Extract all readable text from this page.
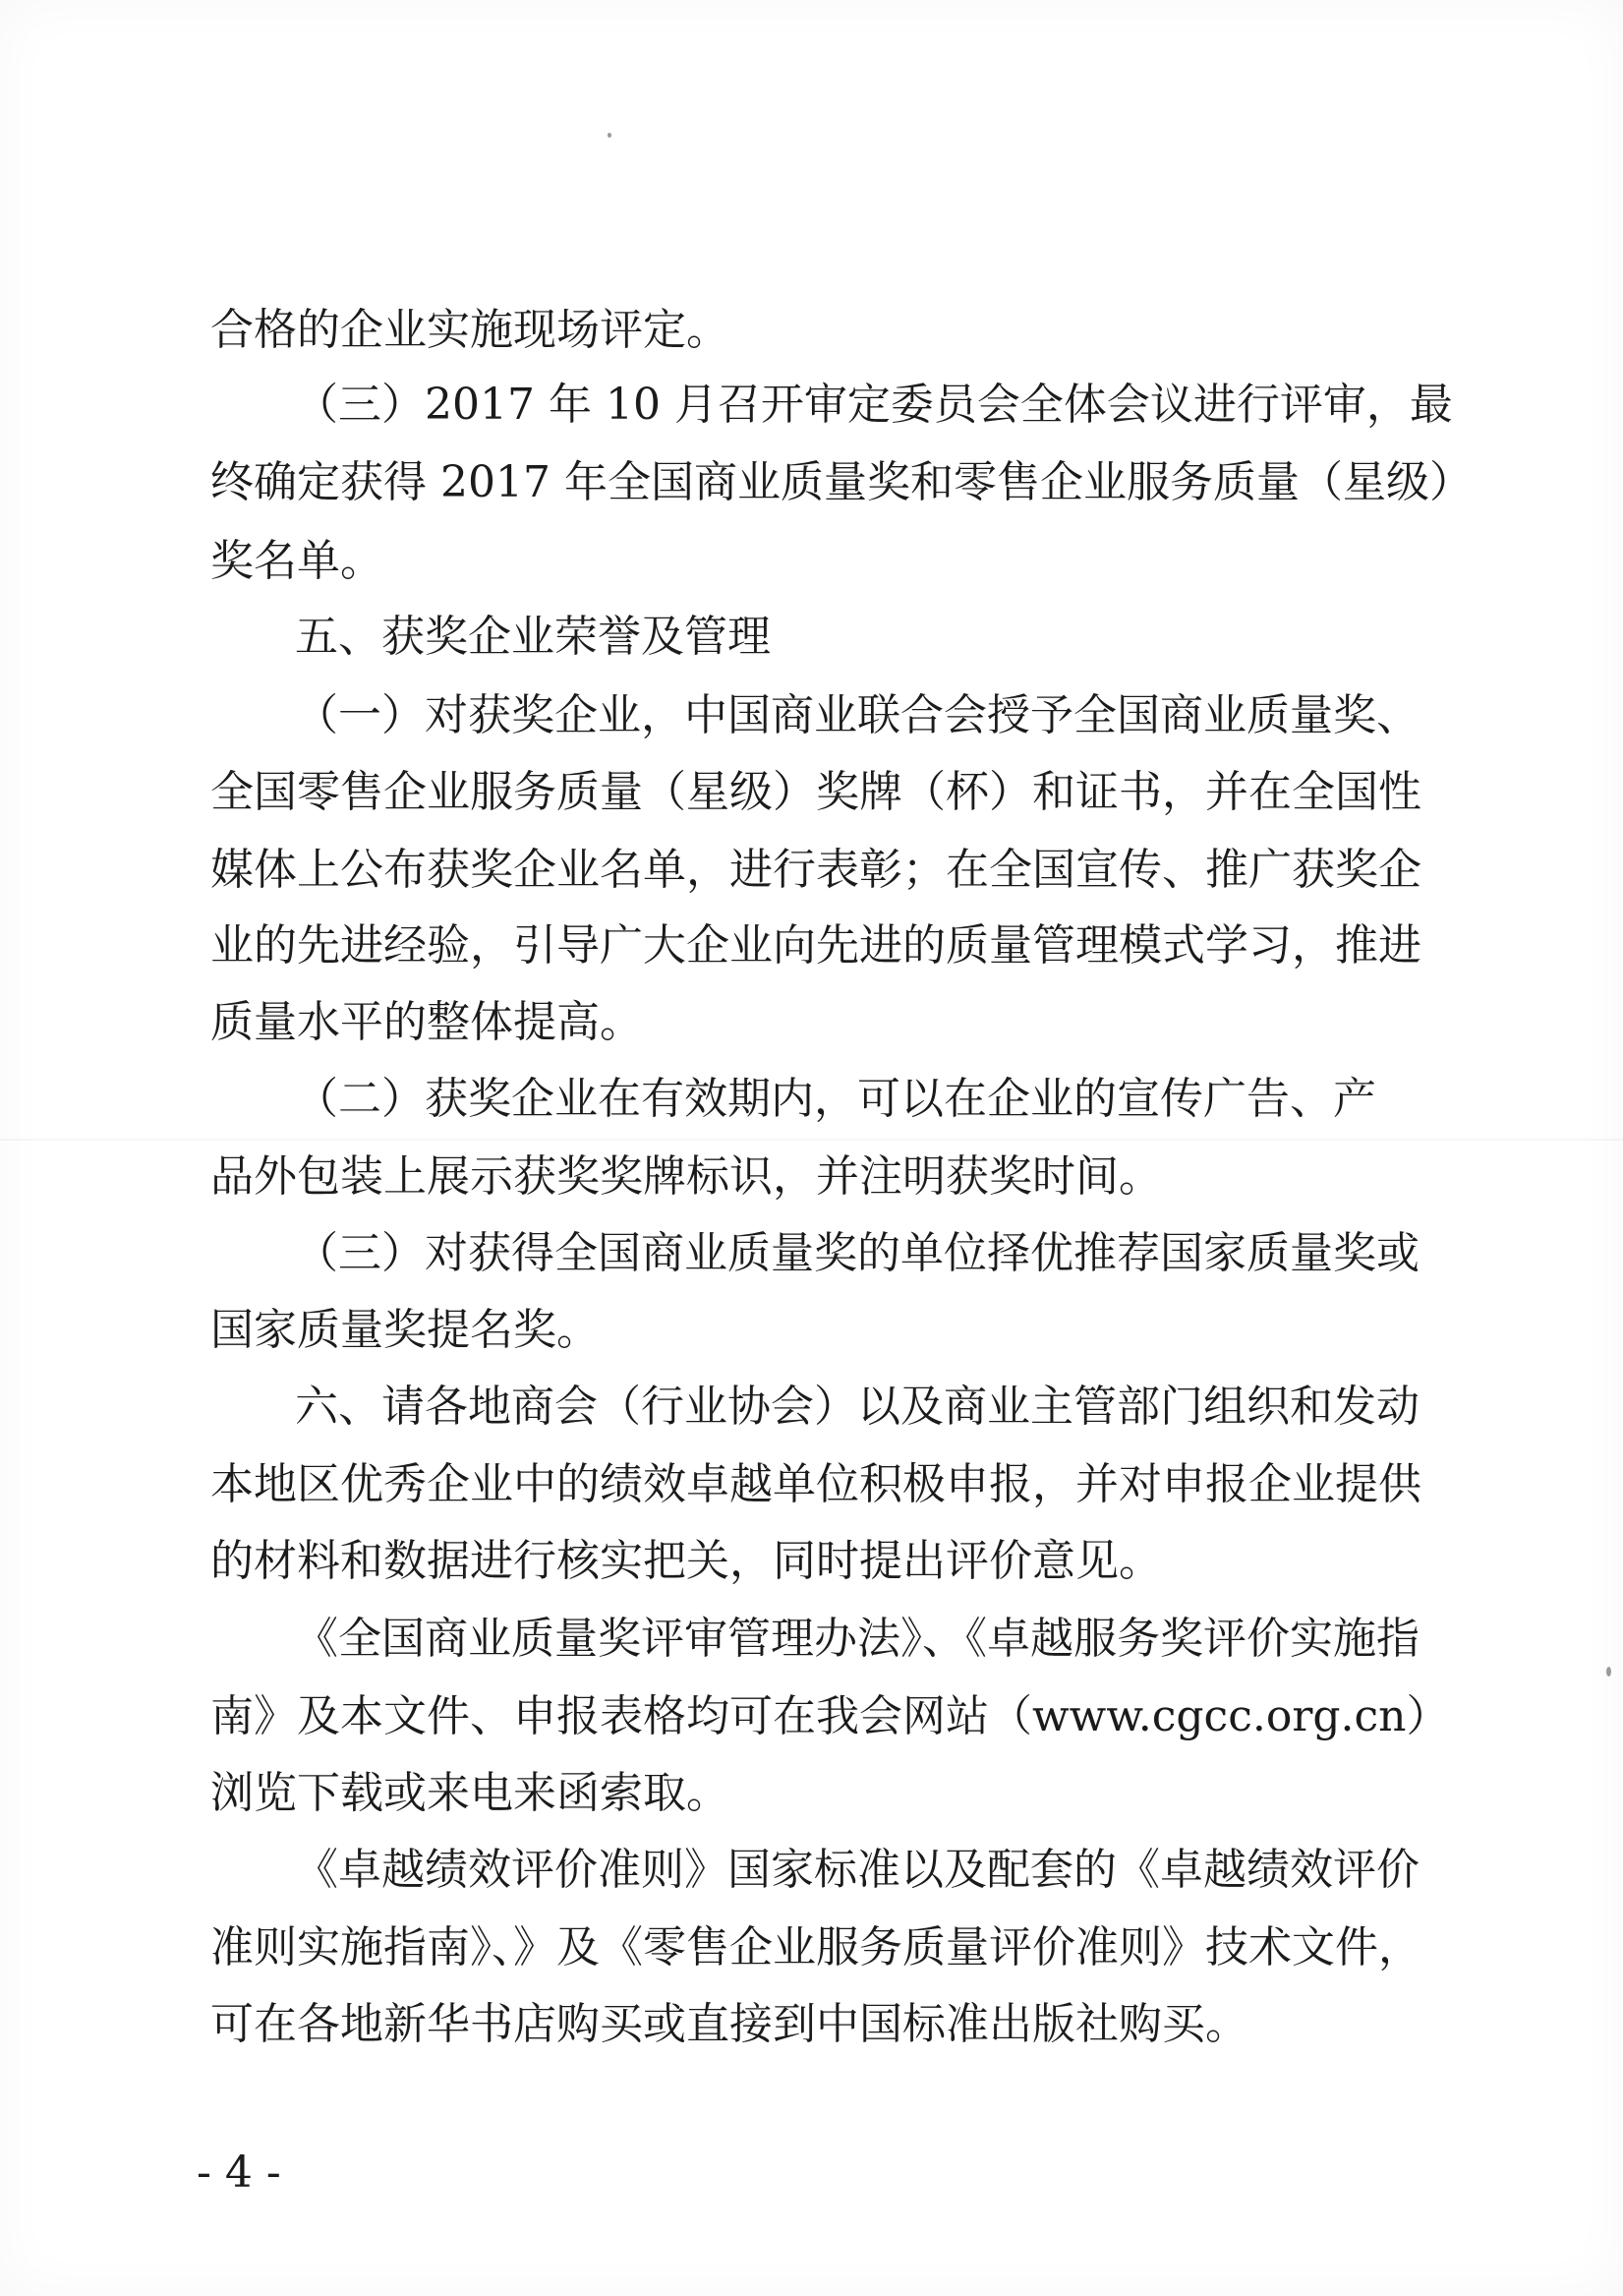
合格的企业实施现场评定。

（三）2017 年 10 月召开审定委员会全体会议进行评审，最

终确定获得 2017 年全国商业质量奖和零售企业服务质量（星级）

奖名单。

五、获奖企业荣誉及管理

（一）对获奖企业，中国商业联合会授予全国商业质量奖、

全国零售企业服务质量（星级）奖牌（杯）和证书，并在全国性

媒体上公布获奖企业名单，进行表彰；在全国宣传、推广获奖企

业的先进经验，引导广大企业向先进的质量管理模式学习，推进

质量水平的整体提高。

（二）获奖企业在有效期内，可以在企业的宣传广告、产

品外包装上展示获奖奖牌标识，并注明获奖时间。

（三）对获得全国商业质量奖的单位择优推荐国家质量奖或

国家质量奖提名奖。

六、请各地商会（行业协会）以及商业主管部门组织和发动

本地区优秀企业中的绩效卓越单位积极申报，并对申报企业提供

的材料和数据进行核实把关，同时提出评价意见。

《全国商业质量奖评审管理办法》、《卓越服务奖评价实施指

南》及本文件、申报表格均可在我会网站（www.cgcc.org.cn）

浏览下载或来电来函索取。

《卓越绩效评价准则》国家标准以及配套的《卓越绩效评价

准则实施指南》、》及《零售企业服务质量评价准则》技术文件，

可在各地新华书店购买或直接到中国标准出版社购买。

- 4 -
